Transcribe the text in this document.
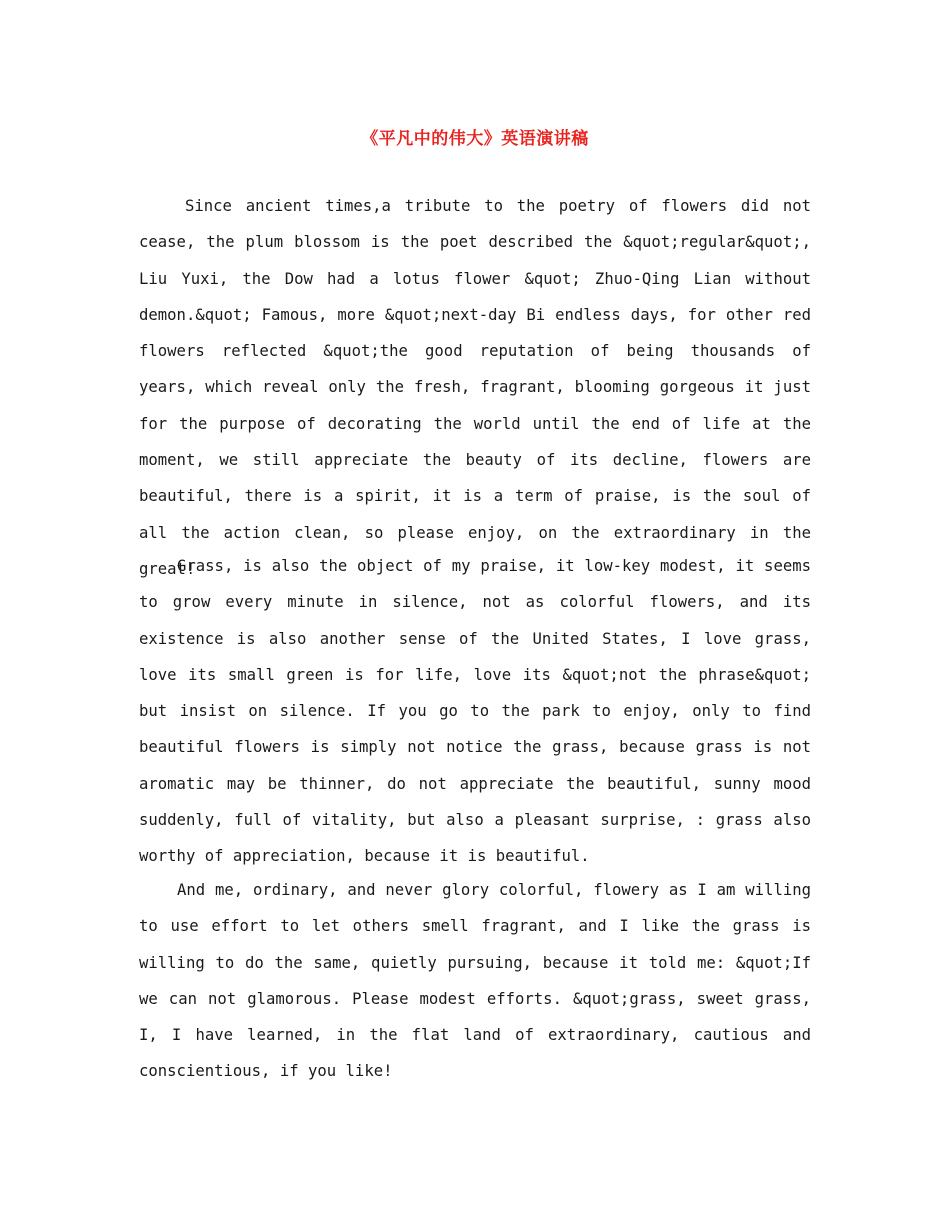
《平凡中的伟大》英语演讲稿

Since ancient times,a tribute to the poetry of flowers did not cease, the plum blossom is the poet described the &quot;regular&quot;, Liu Yuxi, the Dow had a lotus flower &quot; Zhuo-Qing Lian without demon.&quot; Famous, more &quot;next-day Bi endless days, for other red flowers reflected &quot;the good reputation of being thousands of years, which reveal only the fresh, fragrant, blooming gorgeous it just for the purpose of decorating the world until the end of life at the moment, we still appreciate the beauty of its decline, flowers are beautiful, there is a spirit, it is a term of praise, is the soul of all the action clean, so please enjoy, on the extraordinary in the great!

Grass, is also the object of my praise, it low-key modest, it seems to grow every minute in silence, not as colorful flowers, and its existence is also another sense of the United States, I love grass, love its small green is for life, love its &quot;not the phrase&quot; but insist on silence. If you go to the park to enjoy, only to find beautiful flowers is simply not notice the grass, because grass is not aromatic may be thinner, do not appreciate the beautiful, sunny mood suddenly, full of vitality, but also a pleasant surprise, : grass also worthy of appreciation, because it is beautiful.

And me, ordinary, and never glory colorful, flowery as I am willing to use effort to let others smell fragrant, and I like the grass is willing to do the same, quietly pursuing, because it told me: &quot;If we can not glamorous. Please modest efforts. &quot;grass, sweet grass, I, I have learned, in the flat land of extraordinary, cautious and conscientious, if you like!
